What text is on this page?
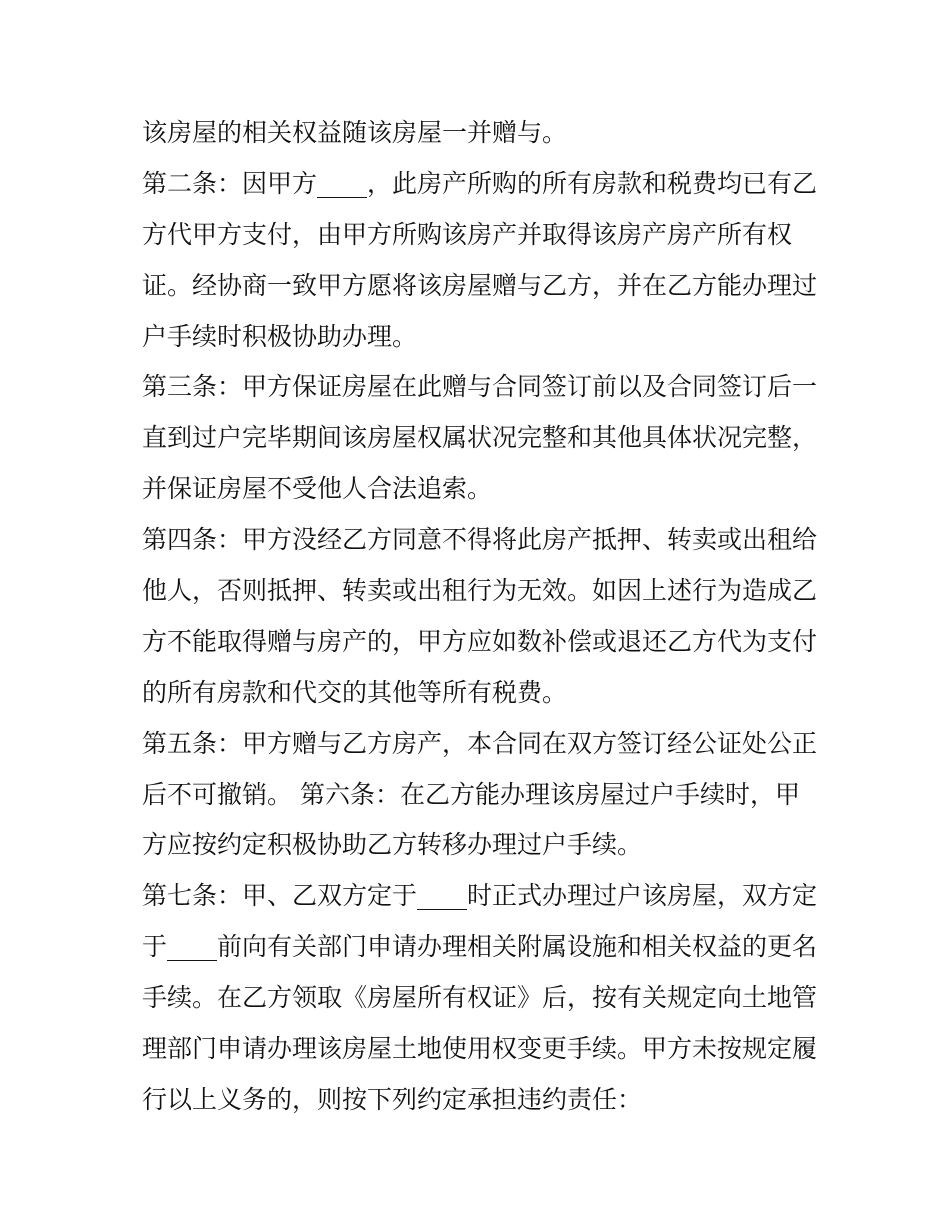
该房屋的相关权益随该房屋一并赠与。
第二条：因甲方____，此房产所购的所有房款和税费均已有乙
方代甲方支付，由甲方所购该房产并取得该房产房产所有权
证。经协商一致甲方愿将该房屋赠与乙方，并在乙方能办理过
户手续时积极协助办理。
第三条：甲方保证房屋在此赠与合同签订前以及合同签订后一
直到过户完毕期间该房屋权属状况完整和其他具体状况完整，
并保证房屋不受他人合法追索。
第四条：甲方没经乙方同意不得将此房产抵押、转卖或出租给
他人，否则抵押、转卖或出租行为无效。如因上述行为造成乙
方不能取得赠与房产的，甲方应如数补偿或退还乙方代为支付
的所有房款和代交的其他等所有税费。
第五条：甲方赠与乙方房产，本合同在双方签订经公证处公正
后不可撤销。 第六条：在乙方能办理该房屋过户手续时，甲
方应按约定积极协助乙方转移办理过户手续。
第七条：甲、乙双方定于____时正式办理过户该房屋，双方定
于____前向有关部门申请办理相关附属设施和相关权益的更名
手续。在乙方领取《房屋所有权证》后，按有关规定向土地管
理部门申请办理该房屋土地使用权变更手续。甲方未按规定履
行以上义务的，则按下列约定承担违约责任：
